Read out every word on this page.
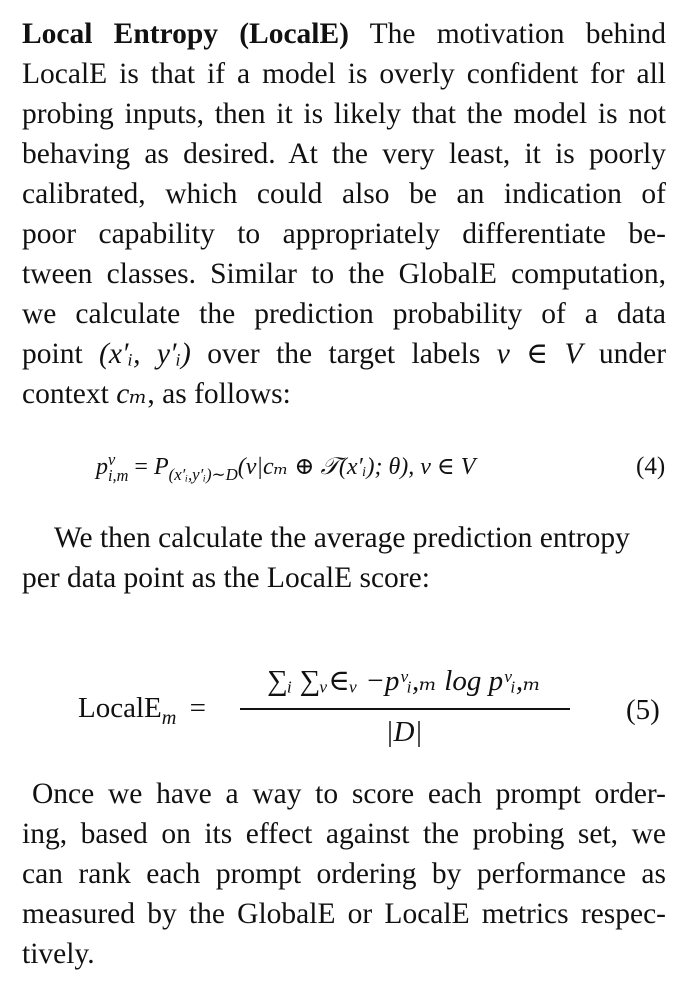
Local Entropy (LocalE) The motivation behind
LocalE is that if a model is overly confident for all
probing inputs, then it is likely that the model is not
behaving as desired. At the very least, it is poorly
calibrated, which could also be an indication of
poor capability to appropriately differentiate be-
tween classes. Similar to the GlobalE computation,
we calculate the prediction probability of a data
point (x′ᵢ, y′ᵢ) over the target labels v ∈ V under
context cₘ, as follows:
p v
$i,m = P_{(x'ᵢ,y'ᵢ)\sim D}(v|c_m$ ⊕ 𝒯(x′ᵢ); θ), v ∈ V	(4)
We then calculate the average prediction entropy
per data point as the LocalE score:
LocalE$_m$ =
∑ᵢ ∑ᵥ∈ᵥ −pᵛᵢ,ₘ log pᵛᵢ,ₘ
|D|
(5)
Once we have a way to score each prompt order-
ing, based on its effect against the probing set, we
can rank each prompt ordering by performance as
measured by the GlobalE or LocalE metrics respec-
tively.
